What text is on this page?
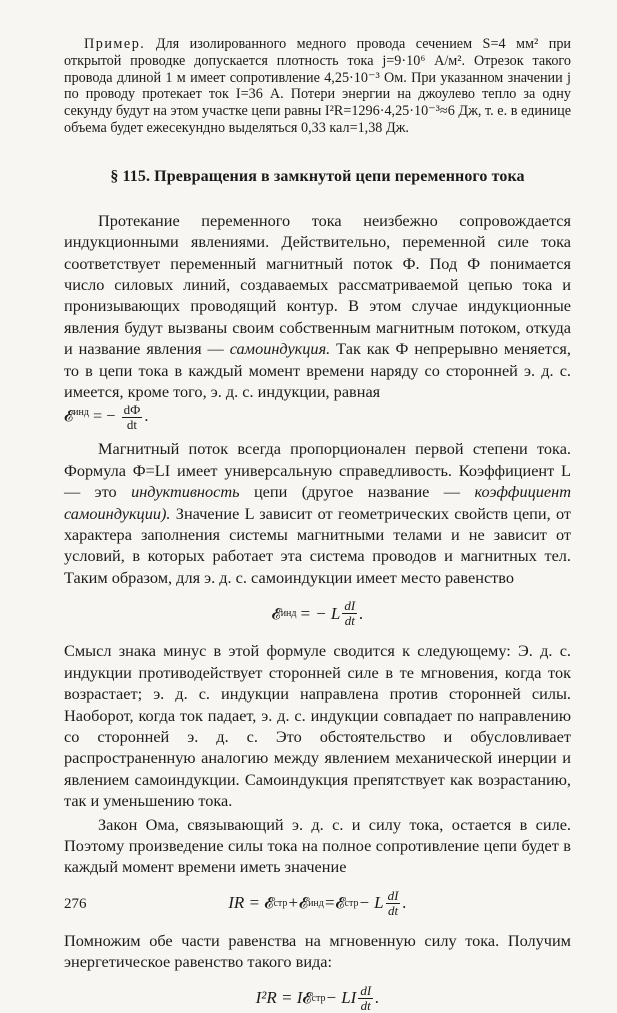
Пример. Для изолированного медного провода сечением S=4 мм² при открытой проводке допускается плотность тока j=9·10⁶ А/м². Отрезок такого провода длиной 1 м имеет сопротивление 4,25·10⁻³ Ом. При указанном значении j по проводу протекает ток I=36 А. Потери энергии на джоулево тепло за одну секунду будут на этом участке цепи равны I²R=1296·4,25·10⁻³≈6 Дж, т. е. в единице объема будет ежесекундно выделяться 0,33 кал=1,38 Дж.

§ 115. Превращения в замкнутой цепи переменного тока

Протекание переменного тока неизбежно сопровождается индукционными явлениями. Действительно, переменной силе тока соответствует переменный магнитный поток Ф. Под Ф понимается число силовых линий, создаваемых рассматриваемой цепью тока и пронизывающих проводящий контур. В этом случае индукционные явления будут вызваны своим собственным магнитным потоком, откуда и название явления — самоиндукция. Так как Ф непрерывно меняется, то в цепи тока в каждый момент времени наряду со сторонней э. д. с. имеется, кроме того, э. д. с. индукции, равная

𝓔$^{инд}$ = − $\frac{dФ}{dt}$ .

Магнитный поток всегда пропорционален первой степени тока. Формула Ф=LI имеет универсальную справедливость. Коэффициент L — это индуктивность цепи (другое название — коэффициент самоиндукции). Значение L зависит от геометрических свойств цепи, от характера заполнения системы магнитными телами и не зависит от условий, в которых работает эта система проводов и магнитных тел. Таким образом, для э. д. с. самоиндукции имеет место равенство

𝓔 инд = − L $\frac{dI}{dt}$ .

Смысл знака минус в этой формуле сводится к следующему: Э. д. с. индукции противодействует сторонней силе в те мгновения, когда ток возрастает; э. д. с. индукции направлена против сторонней силы. Наоборот, когда ток падает, э. д. с. индукции совпадает по направлению со сторонней э. д. с. Это обстоятельство и обусловливает распространенную аналогию между явлением механической инерции и явлением самоиндукции. Самоиндукция препятствует как возрастанию, так и уменьшению тока.

Закон Ома, связывающий э. д. с. и силу тока, остается в силе. Поэтому произведение силы тока на полное сопротивление цепи будет в каждый момент времени иметь значение

IR =
𝓔 стр + 𝓔 инд = 𝓔 стр − L $\frac{dI}{dt}$ .

Помножим обе части равенства на мгновенную силу тока. Получим энергетическое равенство такого вида:

I²R = I 𝓔 стр − LI $\frac{dI}{dt}$ .
276
